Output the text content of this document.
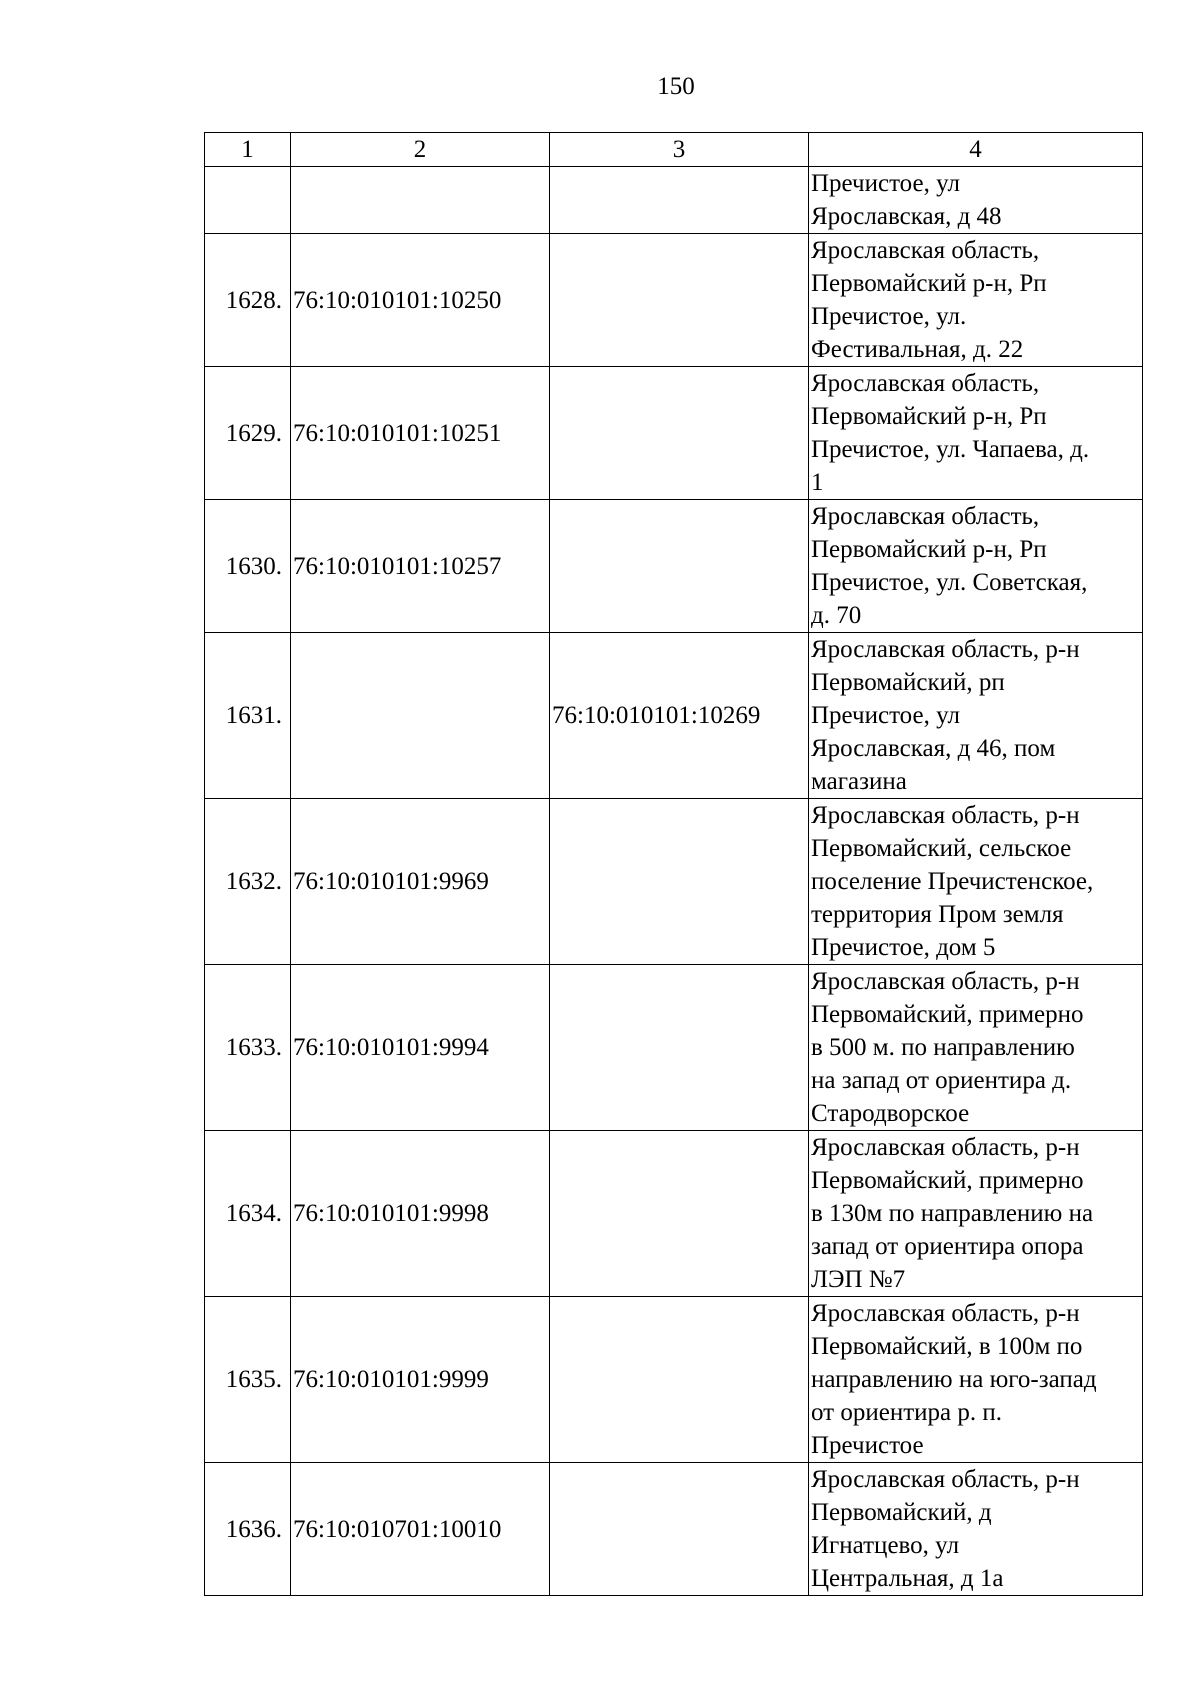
150
1	2	3	4

			Пречистое, ул
Ярославская, д 48

1628.	76:10:010101:10250		Ярославская область,
Первомайский р-н, Рп
Пречистое, ул.
Фестивальная, д. 22

1629.	76:10:010101:10251		Ярославская область,
Первомайский р-н, Рп
Пречистое, ул. Чапаева, д.
1

1630.	76:10:010101:10257		Ярославская область,
Первомайский р-н, Рп
Пречистое, ул. Советская,
д. 70

1631.		76:10:010101:10269	Ярославская область, р-н
Первомайский, рп
Пречистое, ул
Ярославская, д 46, пом
магазина

1632.	76:10:010101:9969		Ярославская область, р-н
Первомайский, сельское
поселение Пречистенское,
территория Пром земля
Пречистое, дом 5

1633.	76:10:010101:9994		Ярославская область, р-н
Первомайский, примерно
в 500 м. по направлению
на запад от ориентира д.
Стародворское

1634.	76:10:010101:9998		Ярославская область, р-н
Первомайский, примерно
в 130м по направлению на
запад от ориентира опора
ЛЭП №7

1635.	76:10:010101:9999		Ярославская область, р-н
Первомайский, в 100м по
направлению на юго-запад
от ориентира р. п.
Пречистое

1636.	76:10:010701:10010		Ярославская область, р-н
Первомайский, д
Игнатцево, ул
Центральная, д 1а
